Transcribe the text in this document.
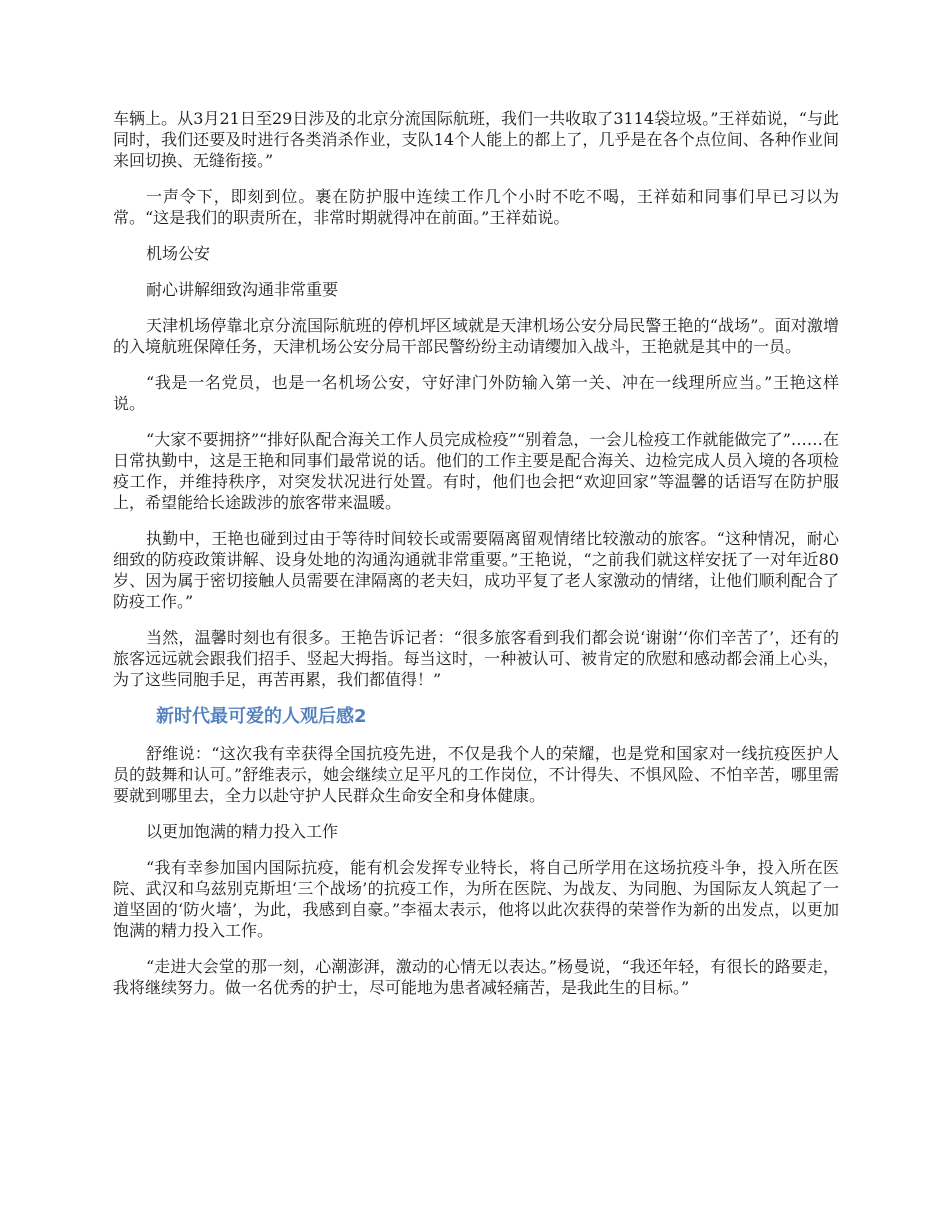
车辆上。从3月21日至29日涉及的北京分流国际航班，我们一共收取了3114袋垃圾。”王祥茹说，“与此同时，我们还要及时进行各类消杀作业，支队14个人能上的都上了，几乎是在各个点位间、各种作业间来回切换、无缝衔接。”

一声令下，即刻到位。裹在防护服中连续工作几个小时不吃不喝，王祥茹和同事们早已习以为常。“这是我们的职责所在，非常时期就得冲在前面。”王祥茹说。

机场公安

耐心讲解细致沟通非常重要

天津机场停靠北京分流国际航班的停机坪区域就是天津机场公安分局民警王艳的“战场”。面对激增的入境航班保障任务，天津机场公安分局干部民警纷纷主动请缨加入战斗，王艳就是其中的一员。

“我是一名党员，也是一名机场公安，守好津门外防输入第一关、冲在一线理所应当。”王艳这样说。

“大家不要拥挤”“排好队配合海关工作人员完成检疫”“别着急，一会儿检疫工作就能做完了”……在日常执勤中，这是王艳和同事们最常说的话。他们的工作主要是配合海关、边检完成人员入境的各项检疫工作，并维持秩序，对突发状况进行处置。有时，他们也会把“欢迎回家”等温馨的话语写在防护服上，希望能给长途跋涉的旅客带来温暖。

执勤中，王艳也碰到过由于等待时间较长或需要隔离留观情绪比较激动的旅客。“这种情况，耐心细致的防疫政策讲解、设身处地的沟通沟通就非常重要。”王艳说，“之前我们就这样安抚了一对年近80岁、因为属于密切接触人员需要在津隔离的老夫妇，成功平复了老人家激动的情绪，让他们顺利配合了防疫工作。”

当然，温馨时刻也有很多。王艳告诉记者：“很多旅客看到我们都会说‘谢谢’‘你们辛苦了’，还有的旅客远远就会跟我们招手、竖起大拇指。每当这时，一种被认可、被肯定的欣慰和感动都会涌上心头，为了这些同胞手足，再苦再累，我们都值得！”

新时代最可爱的人观后感2

舒维说：“这次我有幸获得全国抗疫先进，不仅是我个人的荣耀，也是党和国家对一线抗疫医护人员的鼓舞和认可。”舒维表示，她会继续立足平凡的工作岗位，不计得失、不惧风险、不怕辛苦，哪里需要就到哪里去，全力以赴守护人民群众生命安全和身体健康。

以更加饱满的精力投入工作

“我有幸参加国内国际抗疫，能有机会发挥专业特长，将自己所学用在这场抗疫斗争，投入所在医院、武汉和乌兹别克斯坦‘三个战场’的抗疫工作，为所在医院、为战友、为同胞、为国际友人筑起了一道坚固的‘防火墙’，为此，我感到自豪。”李福太表示，他将以此次获得的荣誉作为新的出发点，以更加饱满的精力投入工作。

“走进大会堂的那一刻，心潮澎湃，激动的心情无以表达。”杨曼说，“我还年轻，有很长的路要走，我将继续努力。做一名优秀的护士，尽可能地为患者减轻痛苦，是我此生的目标。”
